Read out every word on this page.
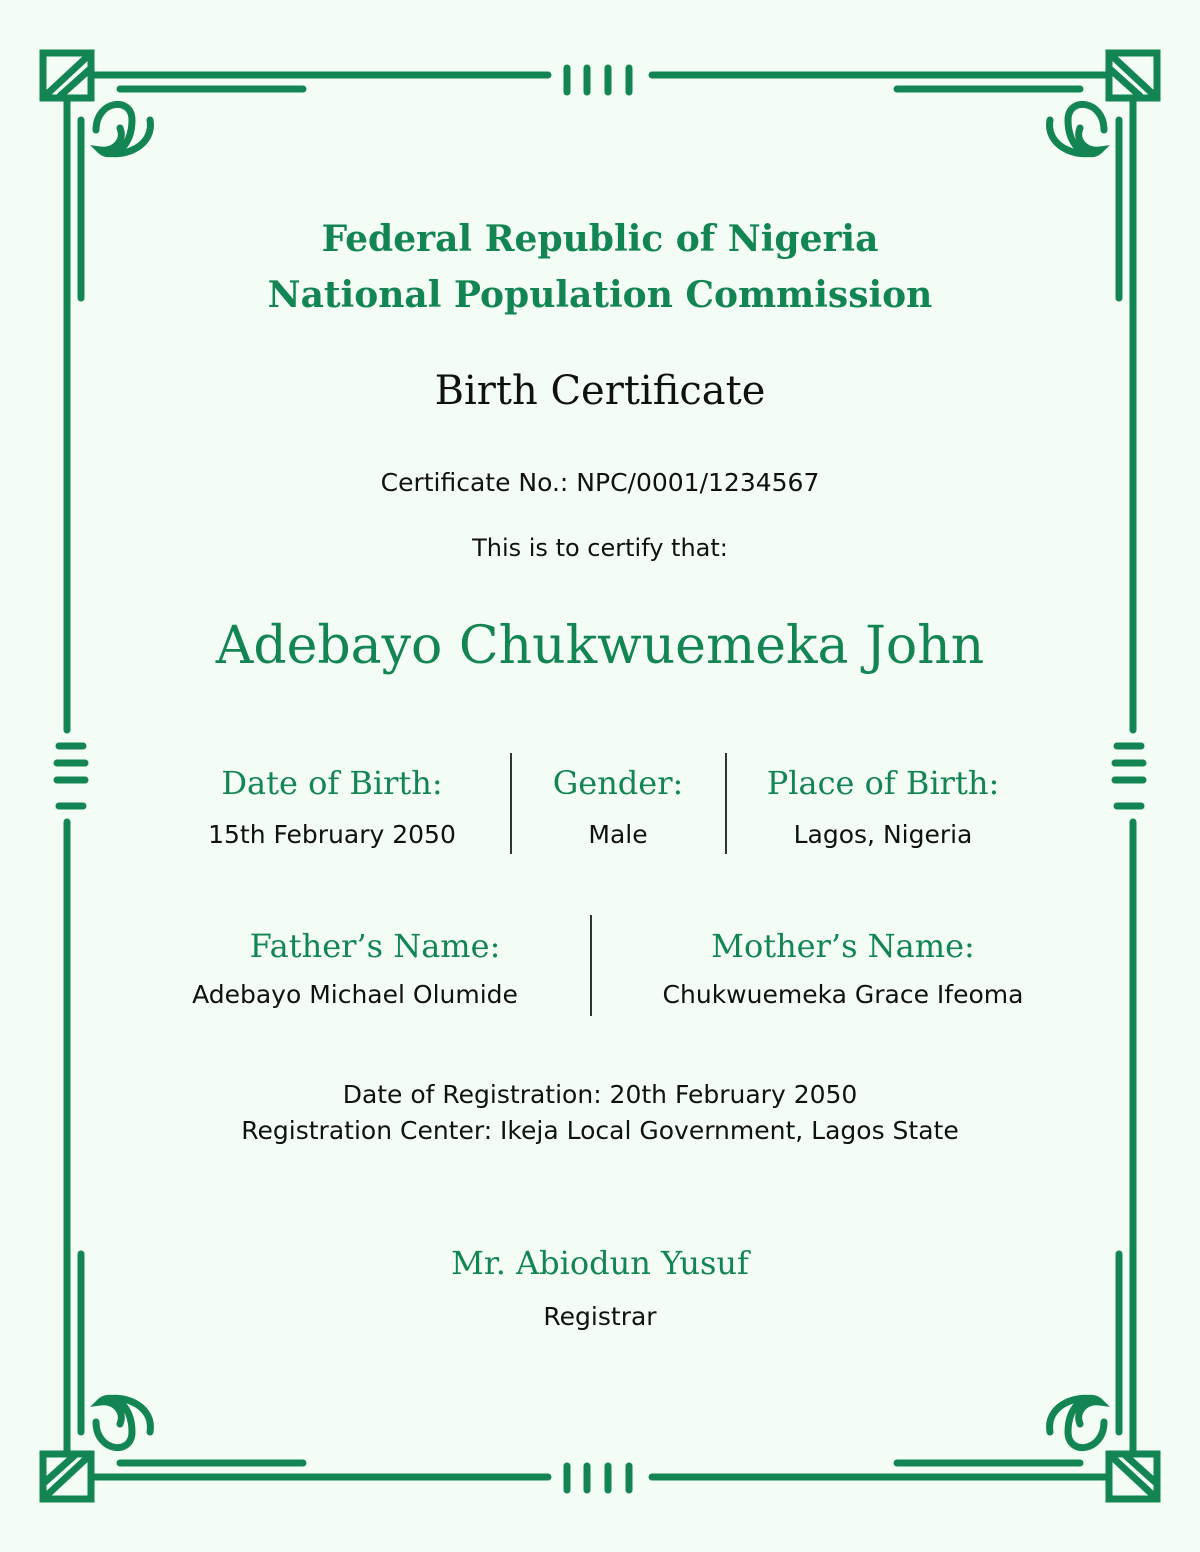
Federal Republic of Nigeria
National Population Commission
Birth Certificate
Certificate No.: NPC/0001/1234567
This is to certify that:
Adebayo Chukwuemeka John
Date of Birth:
15th February 2050
Gender:
Male
Place of Birth:
Lagos, Nigeria
Father’s Name:
Adebayo Michael Olumide
Mother’s Name:
Chukwuemeka Grace Ifeoma
Date of Registration: 20th February 2050
Registration Center: Ikeja Local Government, Lagos State
Mr. Abiodun Yusuf
Registrar
